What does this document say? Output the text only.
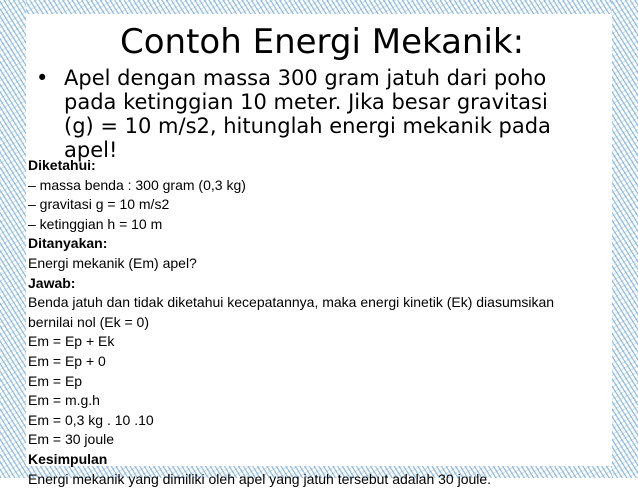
Contoh Energi Mekanik:
• Apel dengan massa 300 gram jatuh dari poho pada ketinggian 10 meter. Jika besar gravitasi (g) = 10 m/s2, hitunglah energi mekanik pada apel!
Diketahui:
– massa benda : 300 gram (0,3 kg)
– gravitasi g = 10 m/s2
– ketinggian h = 10 m
Ditanyakan:
Energi mekanik (Em) apel?
Jawab:
Benda jatuh dan tidak diketahui kecepatannya, maka energi kinetik (Ek) diasumsikan
bernilai nol (Ek = 0)
Em = Ep + Ek
Em = Ep + 0
Em = Ep
Em = m.g.h
Em = 0,3 kg . 10 .10
Em = 30 joule
Kesimpulan
Energi mekanik yang dimiliki oleh apel yang jatuh tersebut adalah 30 joule.
